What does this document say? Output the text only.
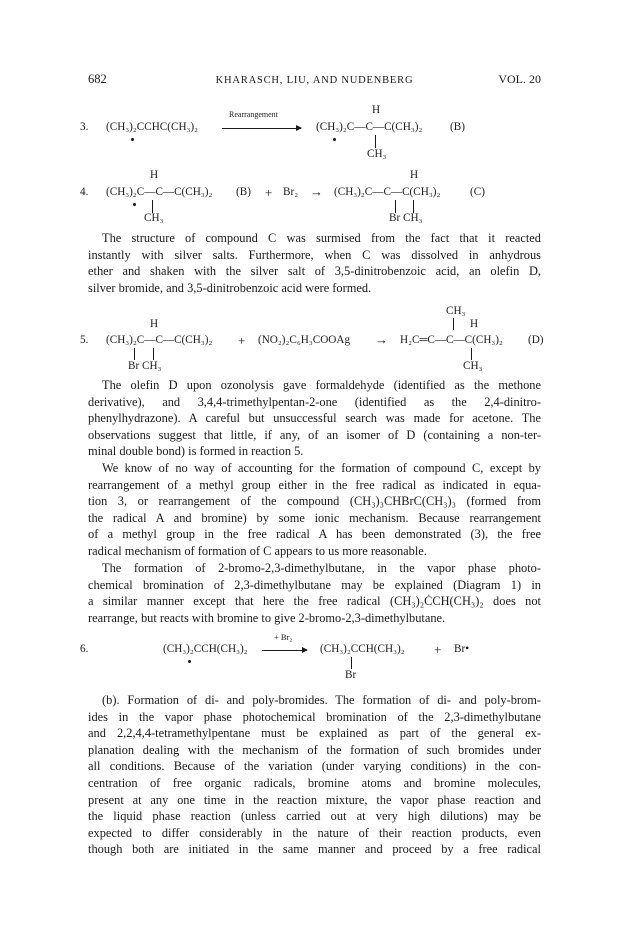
682	KHARASCH, LIU, AND NUDENBERG	VOL. 20
3. (CH₃)₂CCHC(CH₃)₂
Rearrangement	H
(CH₃)₂C—C—C(CH₃)₂ (B)
CH₃
H
4. (CH₃)₂C—C—C(CH₃)₂ (B) + Br₂ →
CH₃
H
(CH₃)₂C—C—C(CH₃)₂	(C)
Br CH₃
The structure of compound C was surmised from the fact that it reacted
instantly with silver salts. Furthermore, when C was dissolved in anhydrous
ether and shaken with the silver salt of 3,5-dinitrobenzoic acid, an olefin D,
silver bromide, and 3,5-dinitrobenzoic acid were formed.
CH₃
H
H
5. (CH₃)₂C—C—C(CH₃)₂ + (NO₂)₂C₆H₃COOAg → H₂C═C—C—C(CH₃)₂ (D)
Br CH₃	CH₃
The olefin D upon ozonolysis gave formaldehyde (identified as the methone
derivative), and 3,4,4-trimethylpentan-2-one (identified as the 2,4-dinitro-
phenylhydrazone). A careful but unsuccessful search was made for acetone. The
observations suggest that little, if any, of an isomer of D (containing a non-ter-
minal double bond) is formed in reaction 5.
We know of no way of accounting for the formation of compound C, except by
rearrangement of a methyl group either in the free radical as indicated in equa-
tion 3, or rearrangement of the compound (CH₃)₃CHBrC(CH₃)₃ (formed from
the radical A and bromine) by some ionic mechanism. Because rearrangement
of a methyl group in the free radical A has been demonstrated (3), the free
radical mechanism of formation of C appears to us more reasonable.
The formation of 2-bromo-2,3-dimethylbutane, in the vapor phase photo-
chemical bromination of 2,3-dimethylbutane may be explained (Diagram 1) in
a similar manner except that here the free radical (CH₃)₂ĊCH(CH₃)₂ does not
rearrange, but reacts with bromine to give 2-bromo-2,3-dimethylbutane.
6.	(CH₃)₂CCH(CH₃)₂
+ Br₂
→ (CH₃)₂CCH(CH₃)₂ + Br•
Br
(b). Formation of di- and poly-bromides. The formation of di- and poly-brom-
ides in the vapor phase photochemical bromination of the 2,3-dimethylbutane
and 2,2,4,4-tetramethylpentane must be explained as part of the general ex-
planation dealing with the mechanism of the formation of such bromides under
all conditions. Because of the variation (under varying conditions) in the con-
centration of free organic radicals, bromine atoms and bromine molecules,
present at any one time in the reaction mixture, the vapor phase reaction and
the liquid phase reaction (unless carried out at very high dilutions) may be
expected to differ considerably in the nature of their reaction products, even
though both are initiated in the same manner and proceed by a free radical
